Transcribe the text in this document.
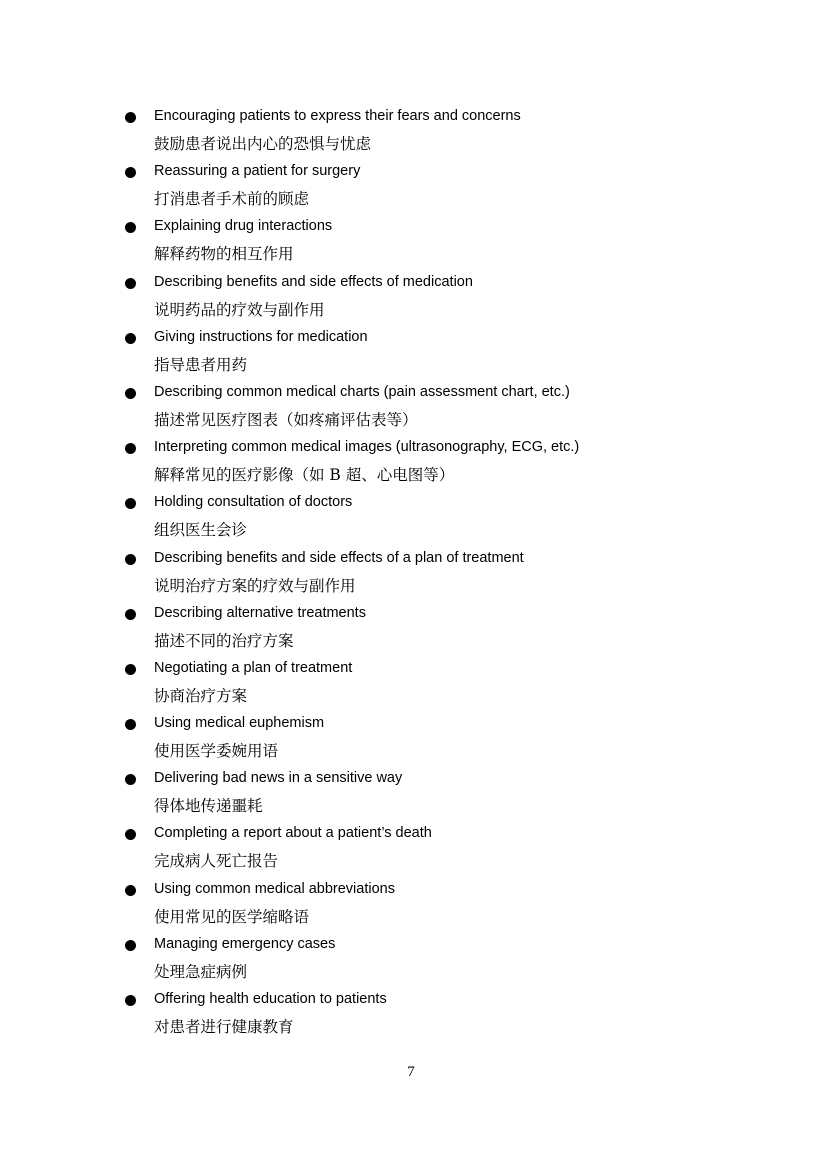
Encouraging patients to express their fears and concerns
鼓励患者说出内心的恐惧与忧虑
Reassuring a patient for surgery
打消患者手术前的顾虑
Explaining drug interactions
解释药物的相互作用
Describing benefits and side effects of medication
说明药品的疗效与副作用
Giving instructions for medication
指导患者用药
Describing common medical charts (pain assessment chart, etc.)
描述常见医疗图表（如疼痛评估表等）
Interpreting common medical images (ultrasonography, ECG, etc.)
解释常见的医疗影像（如 B 超、心电图等）
Holding consultation of doctors
组织医生会诊
Describing benefits and side effects of a plan of treatment
说明治疗方案的疗效与副作用
Describing alternative treatments
描述不同的治疗方案
Negotiating a plan of treatment
协商治疗方案
Using medical euphemism
使用医学委婉用语
Delivering bad news in a sensitive way
得体地传递噩耗
Completing a report about a patient’s death
完成病人死亡报告
Using common medical abbreviations
使用常见的医学缩略语
Managing emergency cases
处理急症病例
Offering health education to patients
对患者进行健康教育
7
